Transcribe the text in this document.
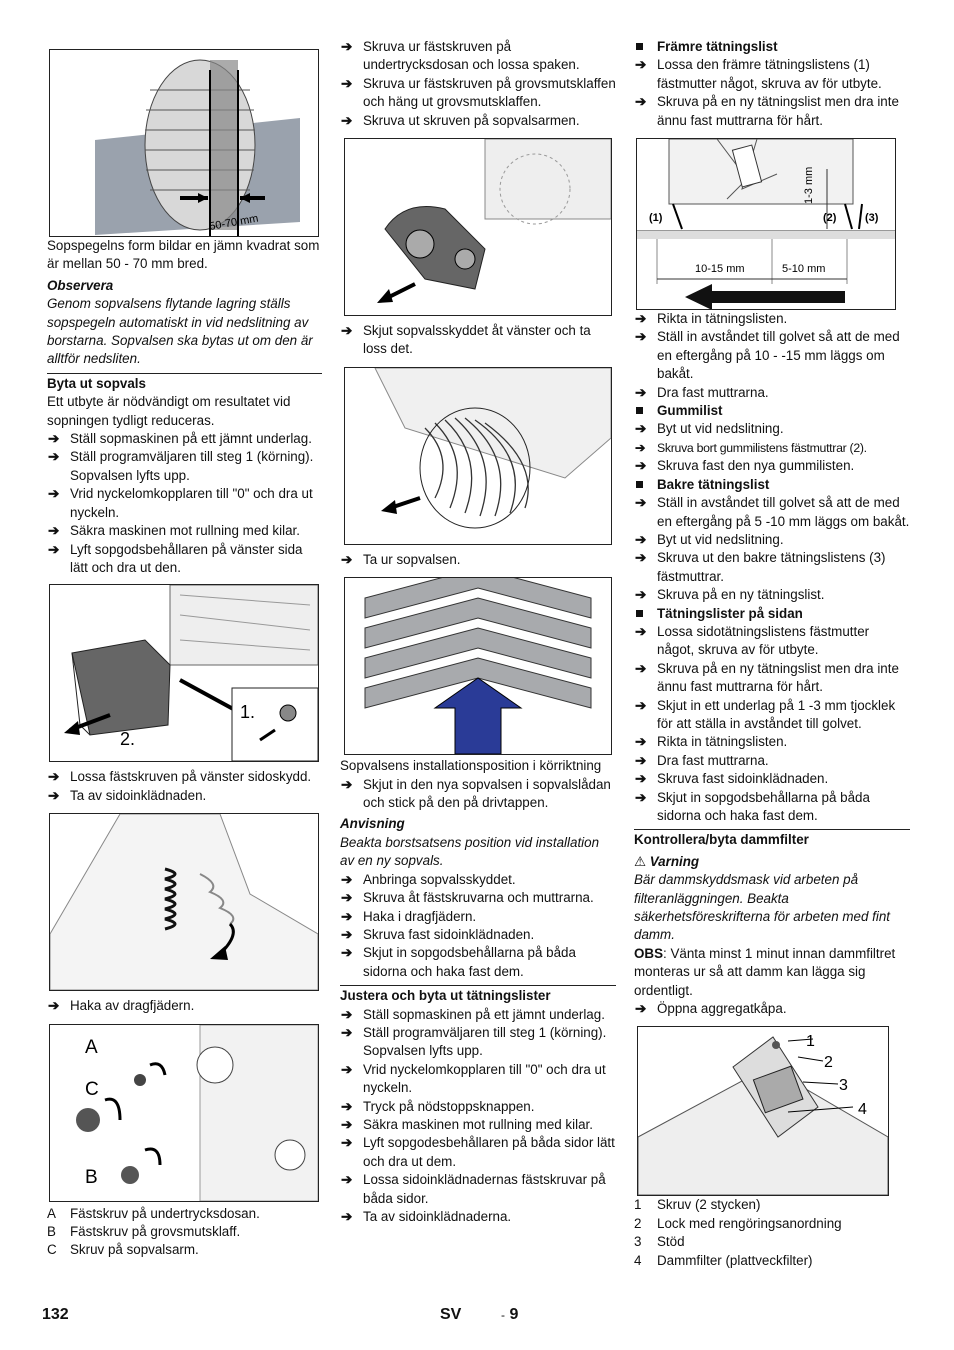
50-70 mm

Sopspegelns form bildar en jämn kvadrat som är mellan 50 - 70 mm bred.

Observera

Genom sopvalsens flytande lagring ställs sopspegeln automatiskt in vid nedslitning av borstarna. Sopvalsen ska bytas ut om den är alltför nedsliten.

Byta ut sopvals

Ett utbyte är nödvändigt om resultatet vid sopningen tydligt reduceras.

➔ Ställ sopmaskinen på ett jämnt underlag.
➔ Ställ programväljaren till steg 1 (körning). Sopvalsen lyfts upp.
➔ Vrid nyckelomkopplaren till "0" och dra ut nyckeln.
➔ Säkra maskinen mot rullning med kilar.
➔ Lyft sopgodsbehållaren på vänster sida lätt och dra ut den.
1.
2.
➔ Lossa fästskruven på vänster sidoskydd.
➔ Ta av sidoinklädnaden.
➔ Haka av dragfjädern.
A
C
B
A Fästskruv på undertrycksdosan.
B Fästskruv på grovsmutsklaff.
C Skruv på sopvalsarm.
➔ Skruva ur fästskruven på undertrycksdosan och lossa spaken.
➔ Skruva ur fästskruven på grovsmutsklaffen och häng ut grovsmutsklaffen.
➔ Skruva ut skruven på sopvalsarmen.
➔ Skjut sopvalsskyddet åt vänster och ta loss det.
➔ Ta ur sopvalsen.

Sopvalsens installationsposition i körriktning

➔ Skjut in den nya sopvalsen i sopvalslådan och stick på den på drivtappen.

Anvisning

Beakta borstsatsens position vid installation av en ny sopvals.

➔ Anbringa sopvalsskyddet.
➔ Skruva åt fästskruvarna och muttrarna.
➔ Haka i dragfjädern.
➔ Skruva fast sidoinklädnaden.
➔ Skjut in sopgodsbehållarna på båda sidorna och haka fast dem.

Justera och byta ut tätningslister

➔ Ställ sopmaskinen på ett jämnt underlag.
➔ Ställ programväljaren till steg 1 (körning). Sopvalsen lyfts upp.
➔ Vrid nyckelomkopplaren till "0" och dra ut nyckeln.
➔ Tryck på nödstoppsknappen.
➔ Säkra maskinen mot rullning med kilar.
➔ Lyft sopgodesbehållaren på båda sidor lätt och dra ut dem.
➔ Lossa sidoinklädnadernas fästskruvar på båda sidor.
➔ Ta av sidoinklädnaderna.
Främre tätningslist
➔ Lossa den främre tätningslistens (1) fästmutter något, skruva av för utbyte.
➔ Skruva på en ny tätningslist men dra inte ännu fast muttrarna för hårt.
(1)	(2)	(3)
10-15 mm	5-10 mm
1-3 mm
➔ Rikta in tätningslisten.
➔ Ställ in avståndet till golvet så att de med en eftergång på 10 - -15 mm läggs om bakåt.
➔ Dra fast muttrarna.
Gummilist
➔ Byt ut vid nedslitning.
➔ Skruva bort gummilistens fästmuttrar (2).
➔ Skruva fast den nya gummilisten.
Bakre tätningslist
➔ Ställ in avståndet till golvet så att de med en eftergång på 5 -10 mm läggs om bakåt.
➔ Byt ut vid nedslitning.
➔ Skruva ut den bakre tätningslistens (3) fästmuttrar.
➔ Skruva på en ny tätningslist.
Tätningslister på sidan
➔ Lossa sidotätningslistens fästmutter något, skruva av för utbyte.
➔ Skruva på en ny tätningslist men dra inte ännu fast muttrarna för hårt.
➔ Skjut in ett underlag på 1 -3 mm tjocklek för att ställa in avståndet till golvet.
➔ Rikta in tätningslisten.
➔ Dra fast muttrarna.
➔ Skruva fast sidoinklädnaden.
➔ Skjut in sopgodsbehållarna på båda sidorna och haka fast dem.

Kontrollera/byta dammfilter

⚠ Varning

Bär dammskyddsmask vid arbeten på filteranläggningen. Beakta säkerhetsföreskrifterna för arbeten med fint damm.

OBS: Vänta minst 1 minut innan dammfiltret monteras ur så att damm kan lägga sig ordentligt.

➔ Öppna aggregatkåpa.
1
2
3
4
1 Skruv (2 stycken)
2 Lock med rengöringsanordning
3 Stöd
4 Dammfilter (plattveckfilter)
132	SV	- 9
